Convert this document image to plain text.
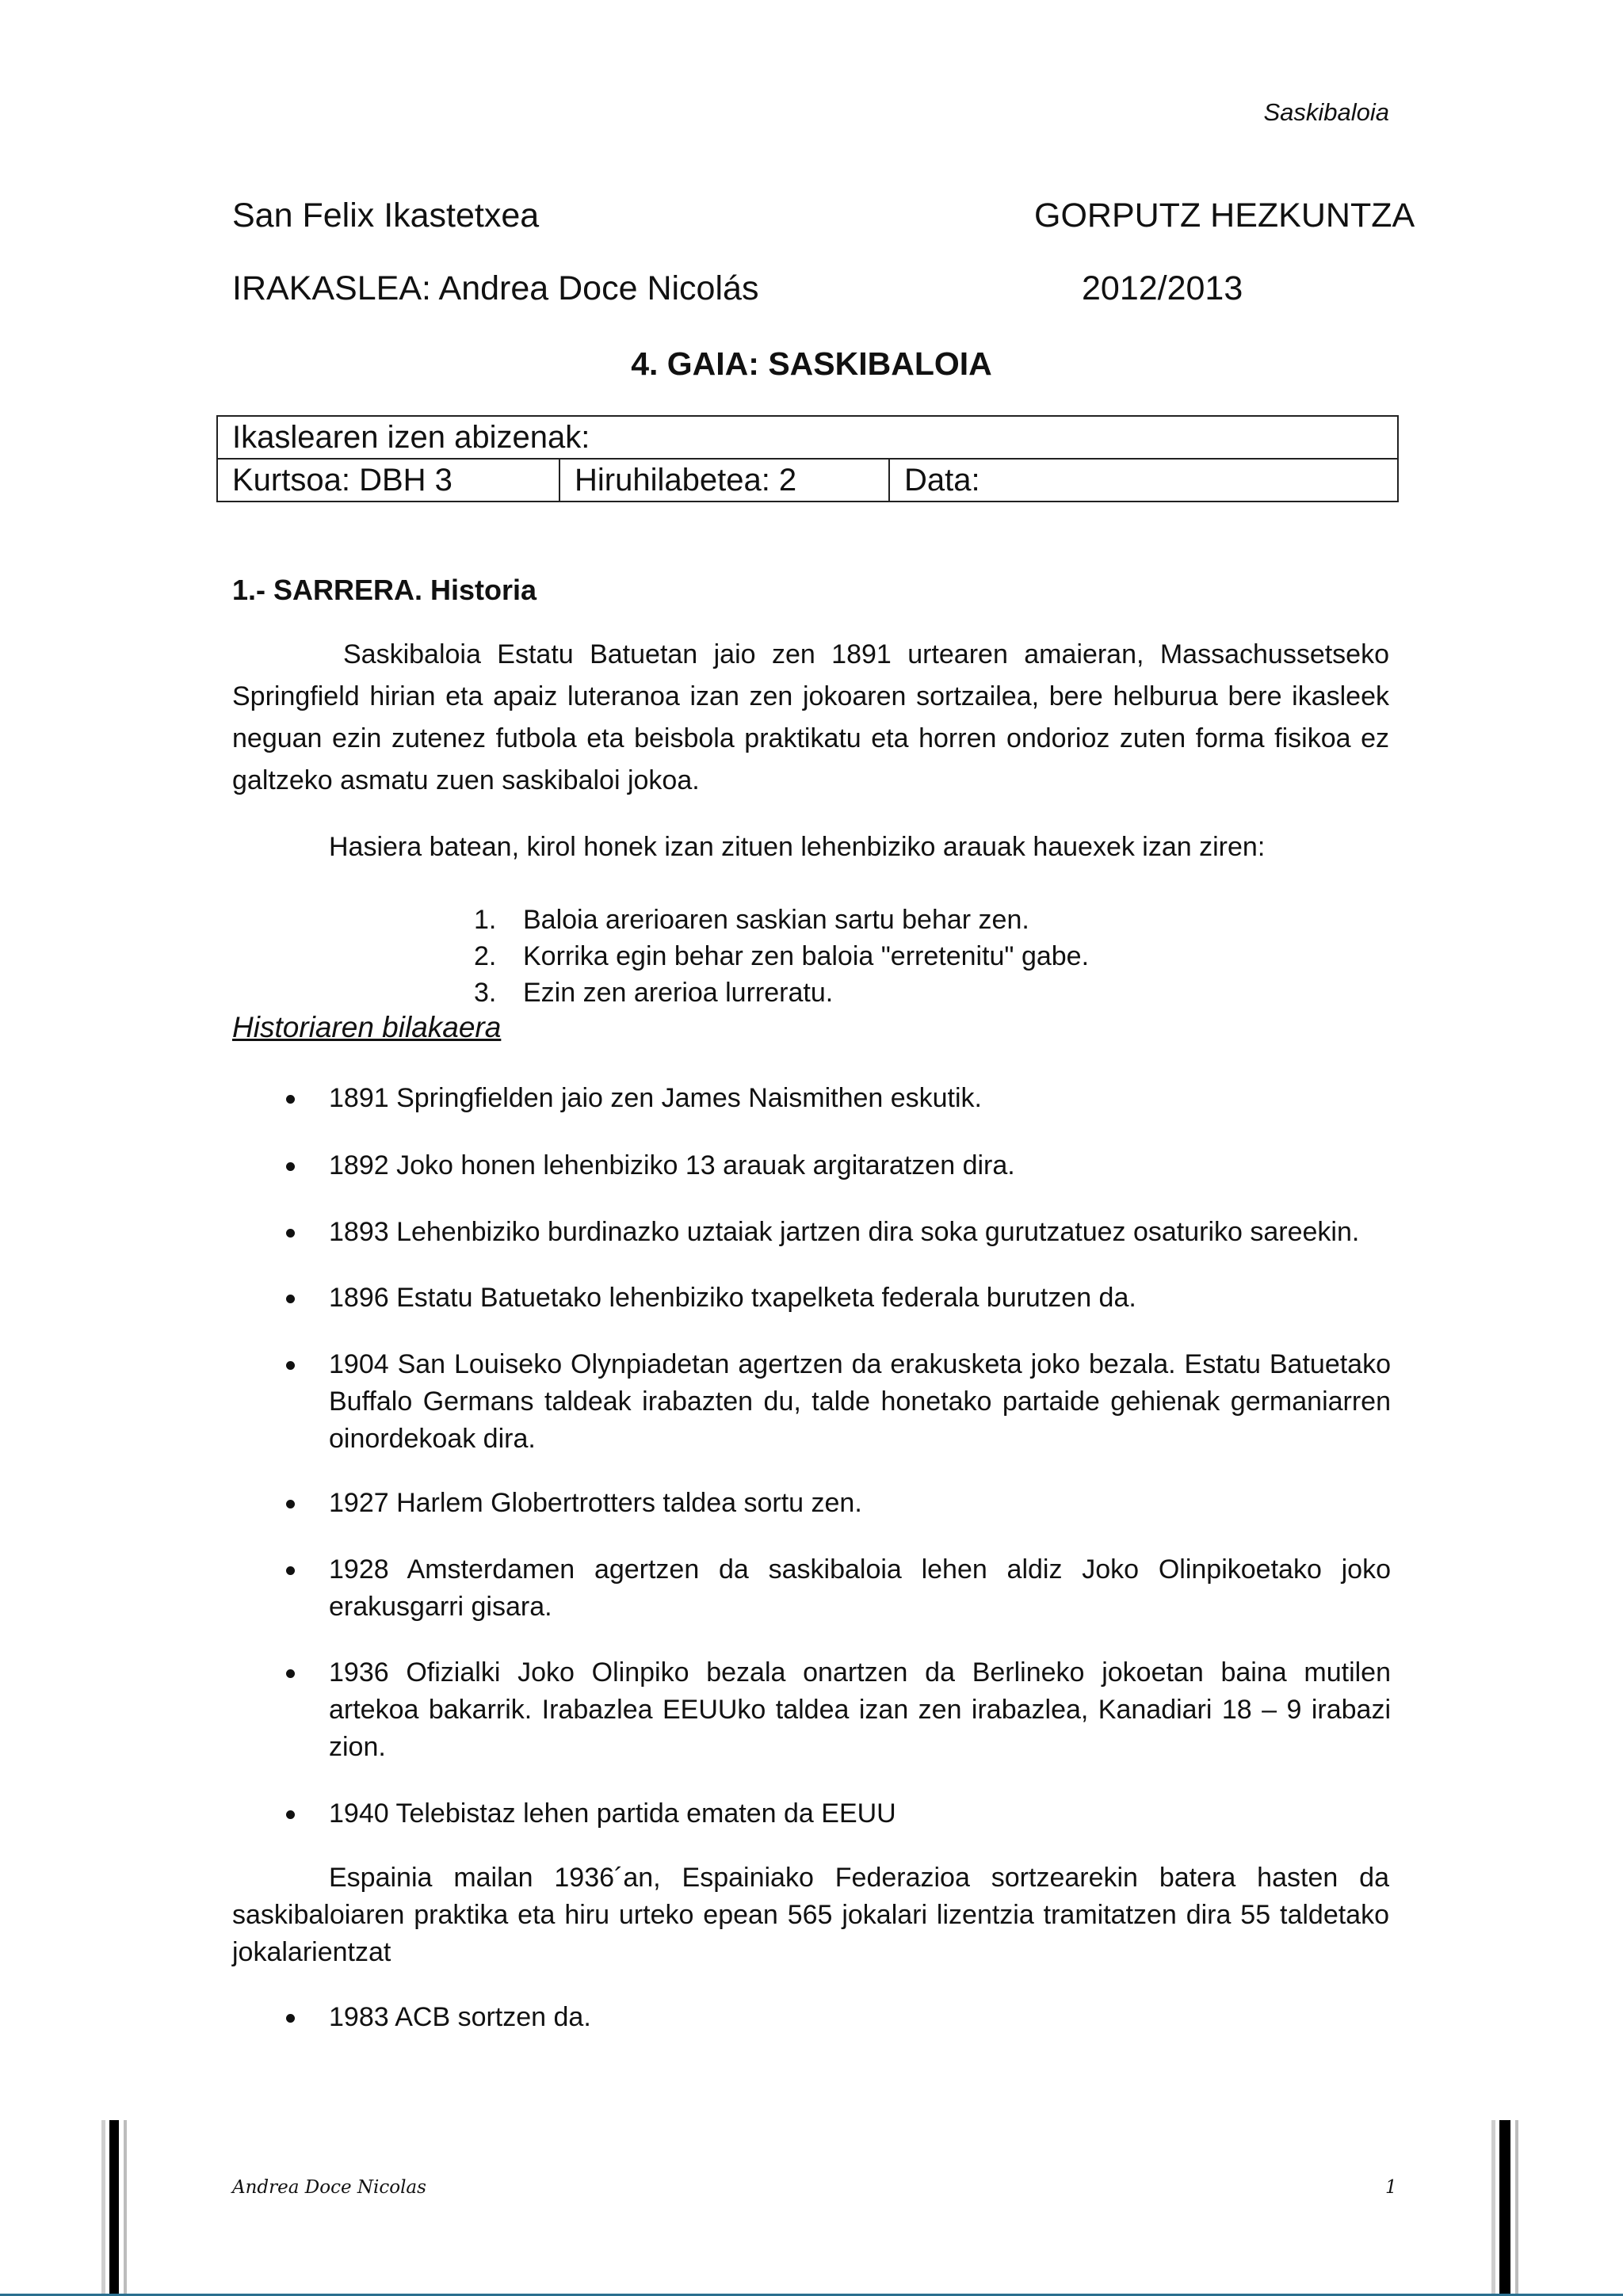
Saskibaloia
San Felix Ikastetxea	GORPUTZ HEZKUNTZA
IRAKASLEA: Andrea Doce Nicolás	2012/2013
4. GAIA: SASKIBALOIA
Ikaslearen izen abizenak:
Kurtsoa: DBH 3	Hiruhilabetea: 2	Data:
1.- SARRERA. Historia
Saskibaloia Estatu Batuetan jaio zen 1891 urtearen amaieran, Massachussetseko Springfield hirian eta apaiz luteranoa izan zen jokoaren sortzailea, bere helburua bere ikasleek neguan ezin zutenez futbola eta beisbola praktikatu eta horren ondorioz zuten forma fisikoa ez galtzeko asmatu zuen saskibaloi jokoa.
Hasiera batean, kirol honek izan zituen lehenbiziko arauak hauexek izan ziren:
1. Baloia arerioaren saskian sartu behar zen.
2. Korrika egin behar zen baloia "erretenitu" gabe.
3. Ezin zen arerioa lurreratu.
Historiaren bilakaera
1891 Springfielden jaio zen James Naismithen eskutik.
1892 Joko honen lehenbiziko 13 arauak argitaratzen dira.
1893 Lehenbiziko burdinazko uztaiak jartzen dira soka gurutzatuez osaturiko sareekin.
1896 Estatu Batuetako lehenbiziko txapelketa federala burutzen da.
1904 San Louiseko Olynpiadetan agertzen da erakusketa joko bezala. Estatu Batuetako Buffalo Germans taldeak irabazten du, talde honetako partaide gehienak germaniarren oinordekoak dira.
1927 Harlem Globertrotters taldea sortu zen.
1928 Amsterdamen agertzen da saskibaloia lehen aldiz Joko Olinpikoetako joko erakusgarri gisara.
1936 Ofizialki Joko Olinpiko bezala onartzen da Berlineko jokoetan baina mutilen artekoa bakarrik. Irabazlea EEUUko taldea izan zen irabazlea, Kanadiari 18 – 9 irabazi zion.
1940 Telebistaz lehen partida ematen da EEUU
Espainia mailan 1936´an, Espainiako Federazioa sortzearekin batera hasten da saskibaloiaren praktika eta hiru urteko epean 565 jokalari lizentzia tramitatzen dira 55 taldetako jokalarientzat
1983 ACB sortzen da.
Andrea Doce Nicolas	1
